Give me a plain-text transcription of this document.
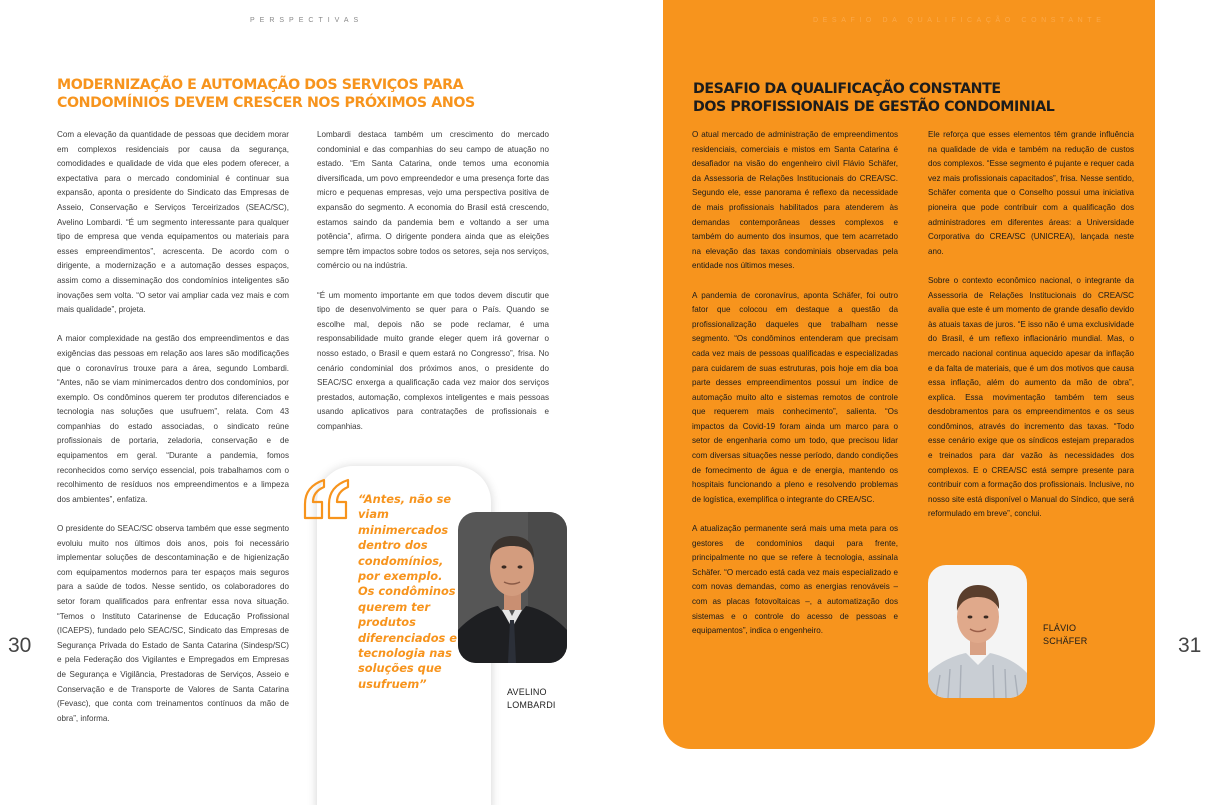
PERSPECTIVAS	DESAFIO DA QUALIFICAÇÃO CONSTANTE
MODERNIZAÇÃO E AUTOMAÇÃO DOS SERVIÇOS PARA
CONDOMÍNIOS DEVEM CRESCER NOS PRÓXIMOS ANOS

Com a elevação da quantidade de pessoas que decidem morar em complexos residenciais por causa da segurança, comodidades e qualidade de vida que eles podem oferecer, a expectativa para o mercado condominial é continuar sua expansão, aponta o presidente do Sindicato das Empresas de Asseio, Conservação e Serviços Terceirizados (SEAC/SC), Avelino Lombardi. “É um segmento interessante para qualquer tipo de empresa que venda equipamentos ou materiais para esses empreendimentos”, acrescenta. De acordo com o dirigente, a modernização e a automação desses espaços, assim como a disseminação dos condomínios inteligentes são inovações sem volta. “O setor vai ampliar cada vez mais e com mais qualidade”, projeta.

A maior complexidade na gestão dos empreendimentos e das exigências das pessoas em relação aos lares são modificações que o coronavírus trouxe para a área, segundo Lombardi. “Antes, não se viam minimercados dentro dos condomínios, por exemplo. Os condôminos querem ter produtos diferenciados e tecnologia nas soluções que usufruem”, relata. Com 43 companhias do estado associadas, o sindicato reúne profissionais de portaria, zeladoria, conservação e de equipamentos em geral. “Durante a pandemia, fomos reconhecidos como serviço essencial, pois trabalhamos com o recolhimento de resíduos nos empreendimentos e a limpeza dos ambientes”, enfatiza.

O presidente do SEAC/SC observa também que esse segmento evoluiu muito nos últimos dois anos, pois foi necessário implementar soluções de descontaminação e de higienização com equipamentos modernos para ter espaços mais seguros para a saúde de todos. Nesse sentido, os colaboradores do setor foram qualificados para enfrentar essa nova situação. “Temos o Instituto Catarinense de Educação Profissional (ICAEPS), fundado pelo SEAC/SC, Sindicato das Empresas de Segurança Privada do Estado de Santa Catarina (Sindesp/SC) e pela Federação dos Vigilantes e Empregados em Empresas de Segurança e Vigilância, Prestadoras de Serviços, Asseio e Conservação e de Transporte de Valores de Santa Catarina (Fevasc), que conta com treinamentos contínuos da mão de obra”, informa.

Lombardi destaca também um crescimento do mercado condominial e das companhias do seu campo de atuação no estado. “Em Santa Catarina, onde temos uma economia diversificada, um povo empreendedor e uma presença forte das micro e pequenas empresas, vejo uma perspectiva positiva de expansão do segmento. A economia do Brasil está crescendo, estamos saindo da pandemia bem e voltando a ser uma potência”, afirma. O dirigente pondera ainda que as eleições sempre têm impactos sobre todos os setores, seja nos serviços, comércio ou na indústria.

“É um momento importante em que todos devem discutir que tipo de desenvolvimento se quer para o País. Quando se escolhe mal, depois não se pode reclamar, é uma responsabilidade muito grande eleger quem irá governar o nosso estado, o Brasil e quem estará no Congresso”, frisa. No cenário condominial dos próximos anos, o presidente do SEAC/SC enxerga a qualificação cada vez maior dos serviços prestados, automação, complexos inteligentes e mais pessoas usando aplicativos para contratações de profissionais e companhias.

“Antes, não se viam minimercados dentro dos condomínios, por exemplo. Os condôminos querem ter produtos diferenciados e tecnologia nas soluções que usufruem”
AVELINO
LOMBARDI
DESAFIO DA QUALIFICAÇÃO CONSTANTE
DOS PROFISSIONAIS DE GESTÃO CONDOMINIAL

O atual mercado de administração de empreendimentos residenciais, comerciais e mistos em Santa Catarina é desafiador na visão do engenheiro civil Flávio Schäfer, da Assessoria de Relações Institucionais do CREA/SC. Segundo ele, esse panorama é reflexo da necessidade de mais profissionais habilitados para atenderem às demandas contemporâneas desses complexos e também do aumento dos insumos, que tem acarretado na elevação das taxas condominiais observadas pela entidade nos últimos meses.

A pandemia de coronavírus, aponta Schäfer, foi outro fator que colocou em destaque a questão da profissionalização daqueles que trabalham nesse segmento. “Os condôminos entenderam que precisam cada vez mais de pessoas qualificadas e especializadas para cuidarem de suas estruturas, pois hoje em dia boa parte desses empreendimentos possui um índice de automação muito alto e sistemas remotos de controle que requerem mais conhecimento”, salienta. “Os impactos da Covid-19 foram ainda um marco para o setor de engenharia como um todo, que precisou lidar com diversas situações nesse período, dando condições de fornecimento de água e de energia, mantendo os hospitais funcionando a pleno e resolvendo problemas de logística, exemplifica o integrante do CREA/SC.

A atualização permanente será mais uma meta para os gestores de condomínios daqui para frente, principalmente no que se refere à tecnologia, assinala Schäfer. “O mercado está cada vez mais especializado e com novas demandas, como as energias renováveis – com as placas fotovoltaicas –, a automatização dos sistemas e o controle do acesso de pessoas e equipamentos”, indica o engenheiro.

Ele reforça que esses elementos têm grande influência na qualidade de vida e também na redução de custos dos complexos. “Esse segmento é pujante e requer cada vez mais profissionais capacitados”, frisa. Nesse sentido, Schäfer comenta que o Conselho possui uma iniciativa pioneira que pode contribuir com a qualificação dos administradores em diferentes áreas: a Universidade Corporativa do CREA/SC (UNICREA), lançada neste ano.

Sobre o contexto econômico nacional, o integrante da Assessoria de Relações Institucionais do CREA/SC avalia que este é um momento de grande desafio devido às atuais taxas de juros. “E isso não é uma exclusividade do Brasil, é um reflexo inflacionário mundial. Mas, o mercado nacional continua aquecido apesar da inflação e da falta de materiais, que é um dos motivos que causa essa inflação, além do aumento da mão de obra”, explica. Essa movimentação também tem seus desdobramentos para os empreendimentos e os seus condôminos, através do incremento das taxas. “Todo esse cenário exige que os síndicos estejam preparados e treinados para dar vazão às necessidades dos complexos. E o CREA/SC está sempre presente para contribuir com a formação dos profissionais. Inclusive, no nosso site está disponível o Manual do Síndico, que será reformulado em breve”, conclui.

FLÁVIO
SCHÄFER
30	31
